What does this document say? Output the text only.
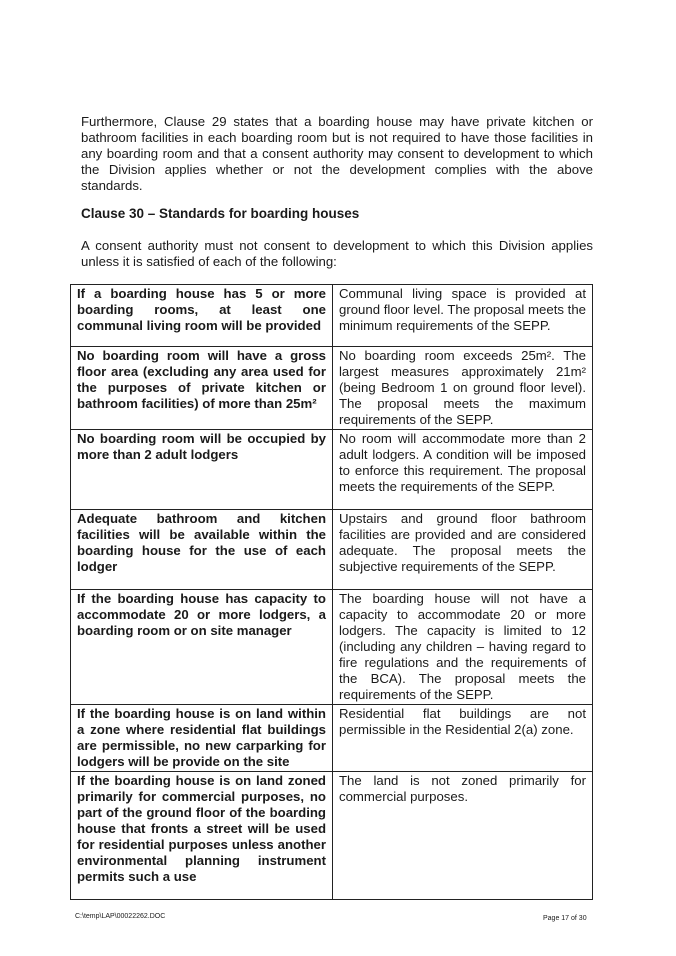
Furthermore, Clause 29 states that a boarding house may have private kitchen or bathroom facilities in each boarding room but is not required to have those facilities in any boarding room and that a consent authority may consent to development to which the Division applies whether or not the development complies with the above standards.

Clause 30 – Standards for boarding houses

A consent authority must not consent to development to which this Division applies unless it is satisfied of each of the following:

If a boarding house has 5 or more boarding rooms, at least one communal living room will be provided	Communal living space is provided at ground floor level. The proposal meets the minimum requirements of the SEPP.
No boarding room will have a gross floor area (excluding any area used for the purposes of private kitchen or bathroom facilities) of more than 25m²	No boarding room exceeds 25m². The largest measures approximately 21m² (being Bedroom 1 on ground floor level). The proposal meets the maximum requirements of the SEPP.
No boarding room will be occupied by more than 2 adult lodgers	No room will accommodate more than 2 adult lodgers. A condition will be imposed to enforce this requirement. The proposal meets the requirements of the SEPP.
Adequate bathroom and kitchen facilities will be available within the boarding house for the use of each lodger	Upstairs and ground floor bathroom facilities are provided and are considered adequate. The proposal meets the subjective requirements of the SEPP.
If the boarding house has capacity to accommodate 20 or more lodgers, a boarding room or on site manager	The boarding house will not have a capacity to accommodate 20 or more lodgers. The capacity is limited to 12 (including any children – having regard to fire regulations and the requirements of the BCA). The proposal meets the requirements of the SEPP.
If the boarding house is on land within a zone where residential flat buildings are permissible, no new carparking for lodgers will be provide on the site	Residential flat buildings are not permissible in the Residential 2(a) zone.
If the boarding house is on land zoned primarily for commercial purposes, no part of the ground floor of the boarding house that fronts a street will be used for residential purposes unless another environmental planning instrument permits such a use	The land is not zoned primarily for commercial purposes.
C:\temp\LAP\00022262.DOC	Page 17 of 30
